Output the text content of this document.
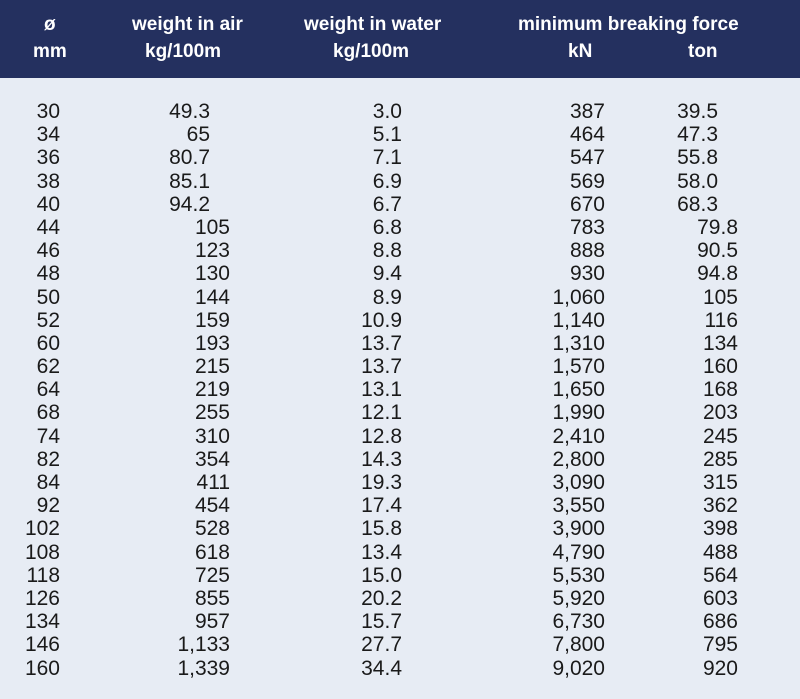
ø
mm
weight in air
kg/100m
weight in water
kg/100m
minimum breaking force
kN	ton
30	49.3	3.0	387	39.5
34	65	5.1	464	47.3
36	80.7	7.1	547	55.8
38	85.1	6.9	569	58.0
40	94.2	6.7	670	68.3
44	105	6.8	783	79.8
46	123	8.8	888	90.5
48	130	9.4	930	94.8
50	144	8.9	1,060	105
52	159	10.9	1,140	116
60	193	13.7	1,310	134
62	215	13.7	1,570	160
64	219	13.1	1,650	168
68	255	12.1	1,990	203
74	310	12.8	2,410	245
82	354	14.3	2,800	285
84	411	19.3	3,090	315
92	454	17.4	3,550	362
102	528	15.8	3,900	398
108	618	13.4	4,790	488
118	725	15.0	5,530	564
126	855	20.2	5,920	603
134	957	15.7	6,730	686
146	1,133	27.7	7,800	795
160	1,339	34.4	9,020	920
